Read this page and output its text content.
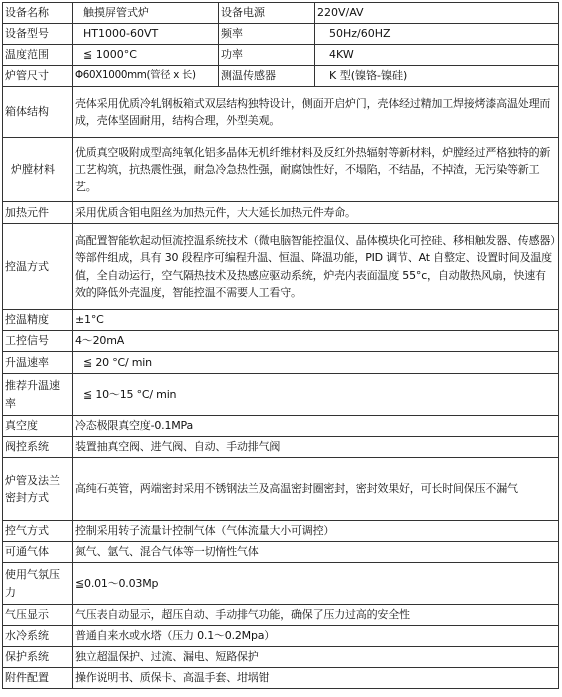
设备名称	触摸屏管式炉	设备电源	220V/AV
设备型号	HT1000-60VT	频率	50Hz/60HZ
温度范围	≦ 1000°C	功率	4KW
炉管尺寸	Φ60X1000mm(管径 x 长)	测温传感器	K 型(镍铬-镍硅)
箱体结构	壳体采用优质冷轧钢板箱式双层结构独特设计，侧面开启炉门，壳体经过精加工焊接烤漆高温处理而成，壳体坚固耐用，结构合理，外型美观。		
炉膛材料	优质真空吸附成型高纯氧化铝多晶体无机纤维材料及反红外热辐射等新材料，炉膛经过严格独特的新工艺构筑，抗热震性强，耐急冷急热性强，耐腐蚀性好，不塌陷，不结晶，不掉渣，无污染等新工艺。		
加热元件	采用优质含钼电阻丝为加热元件，大大延长加热元件寿命。		
控温方式	高配置智能软起动恒流控温系统技术（微电脑智能控温仪、晶体模块化可控硅、移相触发器、传感器）等部件组成，具有 30 段程序可编程升温、恒温、降温功能，PID 调节、At 自整定、设置时间及温度值，全自动运行，空气隔热技术及热感应驱动系统，炉壳内表面温度 55°c，自动散热风扇，快速有效的降低外壳温度，智能控温不需要人工看守。		
控温精度	±1°C		
工控信号	4～20mA		
升温速率	≦ 20 °C/ min		
推荐升温速率	≦ 10～15 °C/ min		
真空度	冷态极限真空度-0.1MPa		
阀控系统	装置抽真空阀、进气阀、自动、手动排气阀		
炉管及法兰密封方式	高纯石英管，两端密封采用不锈钢法兰及高温密封圈密封，密封效果好，可长时间保压不漏气		
控气方式	控制采用转子流量计控制气体（气体流量大小可调控）		
可通气体	氮气、氩气、混合气体等一切惰性气体		
使用气氛压力	≦0.01～0.03Mp		
气压显示	气压表自动显示，超压自动、手动排气功能，确保了压力过高的安全性		
水冷系统	普通自来水或水塔（压力 0.1～0.2Mpa）		
保护系统	独立超温保护、过流、漏电、短路保护		
附件配置	操作说明书、质保卡、高温手套、坩埚钳		
